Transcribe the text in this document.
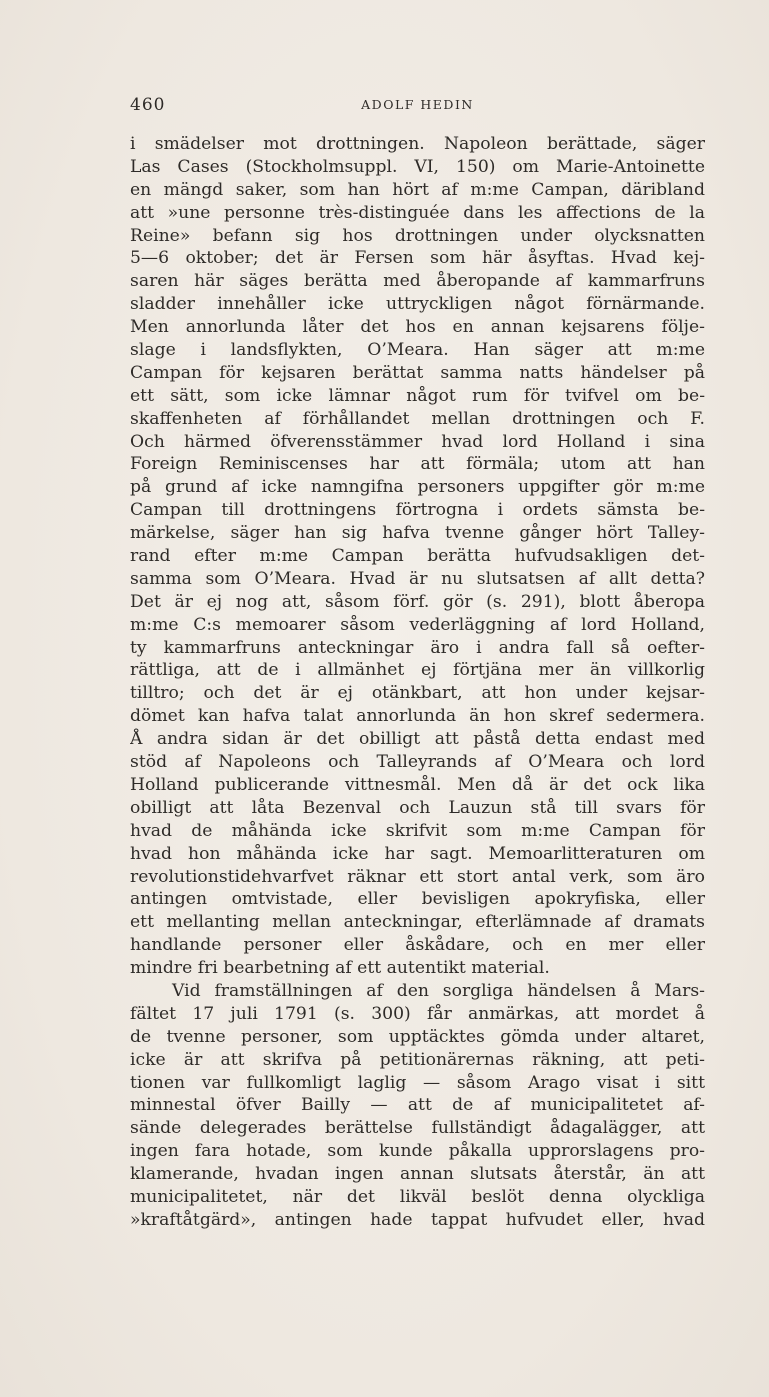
460	ADOLF HEDIN
i smädelser mot drottningen. Napoleon berättade, säger
Las Cases (Stockholmsuppl. VI, 150) om Marie-Antoinette
en mängd saker, som han hört af m:me Campan, däribland
att »une personne très-distinguée dans les affections de la
Reine» befann sig hos drottningen under olycksnatten
5—6 oktober; det är Fersen som här åsyftas. Hvad kej-
saren här säges berätta med åberopande af kammarfruns
sladder innehåller icke uttryckligen något förnärmande.
Men annorlunda låter det hos en annan kejsarens följe-
slage i landsflykten, O’Meara. Han säger att m:me
Campan för kejsaren berättat samma natts händelser på
ett sätt, som icke lämnar något rum för tvifvel om be-
skaffenheten af förhållandet mellan drottningen och F.
Och härmed öfverensstämmer hvad lord Holland i sina
Foreign Reminiscenses har att förmäla; utom att han
på grund af icke namngifna personers uppgifter gör m:me
Campan till drottningens förtrogna i ordets sämsta be-
märkelse, säger han sig hafva tvenne gånger hört Talley-
rand efter m:me Campan berätta hufvudsakligen det-
samma som O’Meara. Hvad är nu slutsatsen af allt detta?
Det är ej nog att, såsom förf. gör (s. 291), blott åberopa
m:me C:s memoarer såsom vederläggning af lord Holland,
ty kammarfruns anteckningar äro i andra fall så oefter-
rättliga, att de i allmänhet ej förtjäna mer än villkorlig
tilltro; och det är ej otänkbart, att hon under kejsar-
dömet kan hafva talat annorlunda än hon skref sedermera.
Å andra sidan är det obilligt att påstå detta endast med
stöd af Napoleons och Talleyrands af O’Meara och lord
Holland publicerande vittnesmål. Men då är det ock lika
obilligt att låta Bezenval och Lauzun stå till svars för
hvad de måhända icke skrifvit som m:me Campan för
hvad hon måhända icke har sagt. Memoarlitteraturen om
revolutionstidehvarfvet räknar ett stort antal verk, som äro
antingen omtvistade, eller bevisligen apokryfiska, eller
ett mellanting mellan anteckningar, efterlämnade af dramats
handlande personer eller åskådare, och en mer eller
mindre fri bearbetning af ett autentikt material.
Vid framställningen af den sorgliga händelsen å Mars-
fältet 17 juli 1791 (s. 300) får anmärkas, att mordet å
de tvenne personer, som upptäcktes gömda under altaret,
icke är att skrifva på petitionärernas räkning, att peti-
tionen var fullkomligt laglig — såsom Arago visat i sitt
minnestal öfver Bailly — att de af municipalitetet af-
sände delegerades berättelse fullständigt ådagalägger, att
ingen fara hotade, som kunde påkalla upprorslagens pro-
klamerande, hvadan ingen annan slutsats återstår, än att
municipalitetet, när det likväl beslöt denna olyckliga
»kraftåtgärd», antingen hade tappat hufvudet eller, hvad
